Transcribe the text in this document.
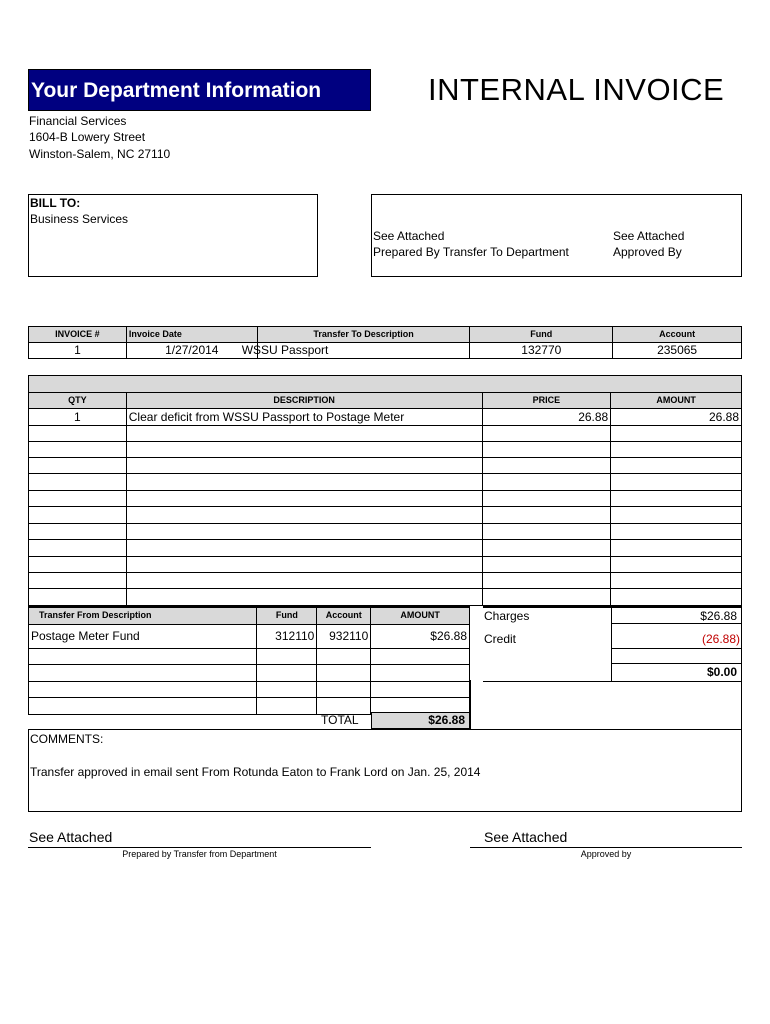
Your Department Information	INTERNAL INVOICE
Financial Services
1604-B Lowery Street
Winston-Salem, NC 27110
BILL TO:
Business Services
See Attached
Prepared By Transfer To Department
See Attached
Approved By
INVOICE #	Invoice Date	Transfer To Description	Fund	Account
1	1/27/2014	WSSU Passport	132770	235065

QTY	DESCRIPTION	PRICE	AMOUNT
1	Clear deficit from WSSU Passport to Postage Meter	26.88	26.88

Transfer From Description	Fund	Account	AMOUNT
Postage Meter Fund	312110	932110	$26.88

TOTAL	$26.88
Charges	$26.88
Credit	(26.88)
$0.00
COMMENTS:
Transfer approved in email sent From Rotunda Eaton to Frank Lord on Jan. 25, 2014
See Attached
Prepared by Transfer from Department
See Attached
Approved by
